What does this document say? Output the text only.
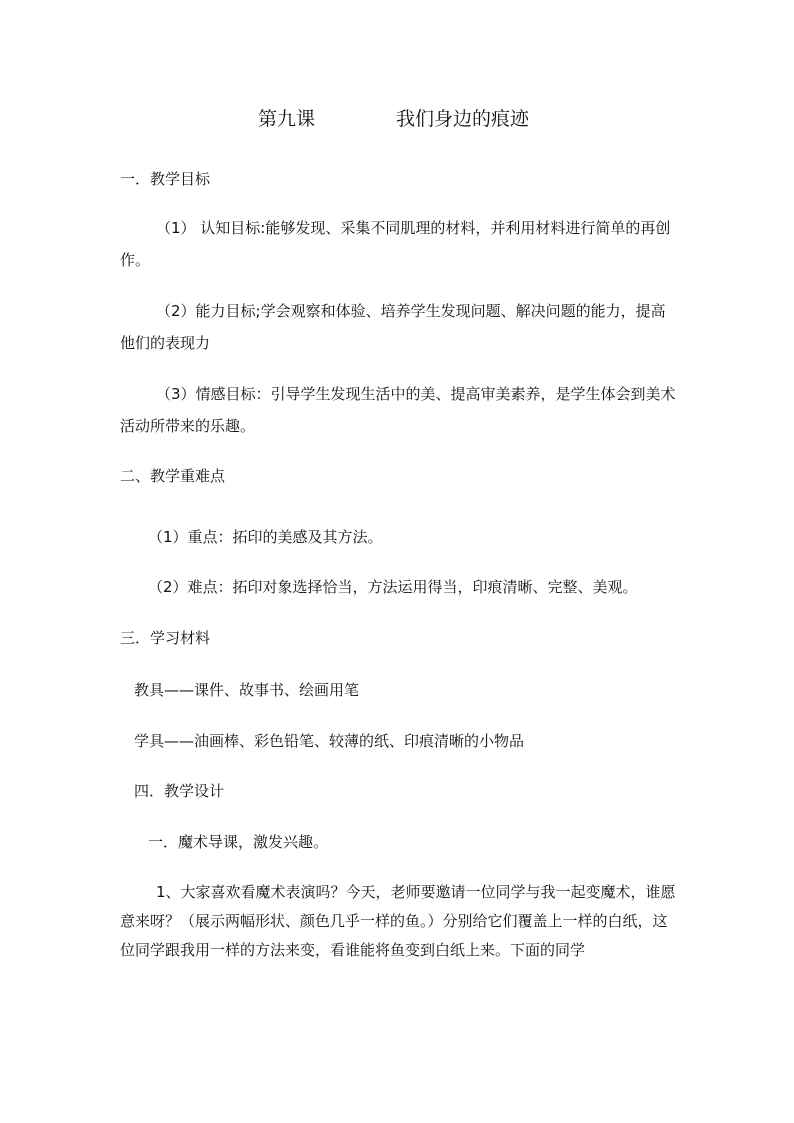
第九课	我们身边的痕迹
一．教学目标
（1） 认知目标:能够发现、采集不同肌理的材料，并利用材料进行简单的再创作。
（2）能力目标;学会观察和体验、培养学生发现问题、解决问题的能力，提高他们的表现力
（3）情感目标：引导学生发现生活中的美、提高审美素养，是学生体会到美术活动所带来的乐趣。
二、教学重难点
（1）重点：拓印的美感及其方法。
（2）难点：拓印对象选择恰当，方法运用得当，印痕清晰、完整、美观。
三．学习材料
教具——课件、故事书、绘画用笔
学具——油画棒、彩色铅笔、较薄的纸、印痕清晰的小物品
四．教学设计
一．魔术导课，激发兴趣。
1、大家喜欢看魔术表演吗？今天，老师要邀请一位同学与我一起变魔术，谁愿意来呀？（展示两幅形状、颜色几乎一样的鱼。）分别给它们覆盖上一样的白纸，这位同学跟我用一样的方法来变，看谁能将鱼变到白纸上来。下面的同学
